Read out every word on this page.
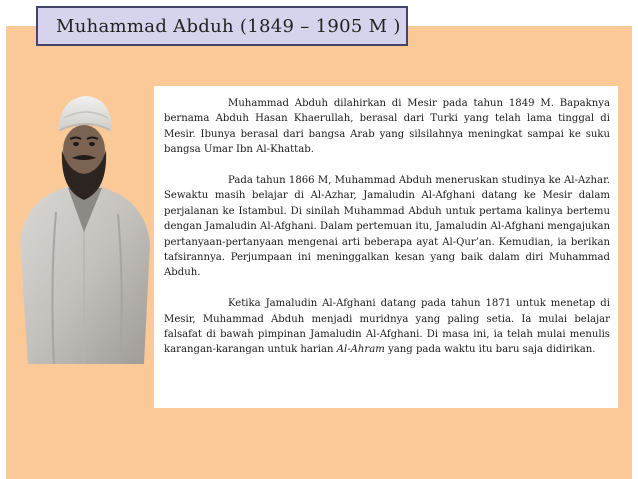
Muhammad Abduh (1849 – 1905 M )

Muhammad Abduh dilahirkan di Mesir pada tahun 1849 M. Bapaknya bernama Abduh Hasan Khaerullah, berasal dari Turki yang telah lama tinggal di Mesir. Ibunya berasal dari bangsa Arab yang silsilahnya meningkat sampai ke suku bangsa Umar Ibn Al-Khattab.

Pada tahun 1866 M, Muhammad Abduh meneruskan studinya ke Al-Azhar. Sewaktu masih belajar di Al-Azhar, Jamaludin Al-Afghani datang ke Mesir dalam perjalanan ke Istambul. Di sinilah Muhammad Abduh untuk pertama kalinya bertemu dengan Jamaludin Al-Afghani. Dalam pertemuan itu, Jamaludin Al-Afghani mengajukan pertanyaan-pertanyaan mengenai arti beberapa ayat Al-Qur’an. Kemudian, ia berikan tafsirannya. Perjumpaan ini meninggalkan kesan yang baik dalam diri Muhammad Abduh.

Ketika Jamaludin Al-Afghani datang pada tahun 1871 untuk menetap di Mesir, Muhammad Abduh menjadi muridnya yang paling setia. Ia mulai belajar falsafat di bawah pimpinan Jamaludin Al-Afghani. Di masa ini, ia telah mulai menulis karangan-karangan untuk harian Al-Ahram yang pada waktu itu baru saja didirikan.
